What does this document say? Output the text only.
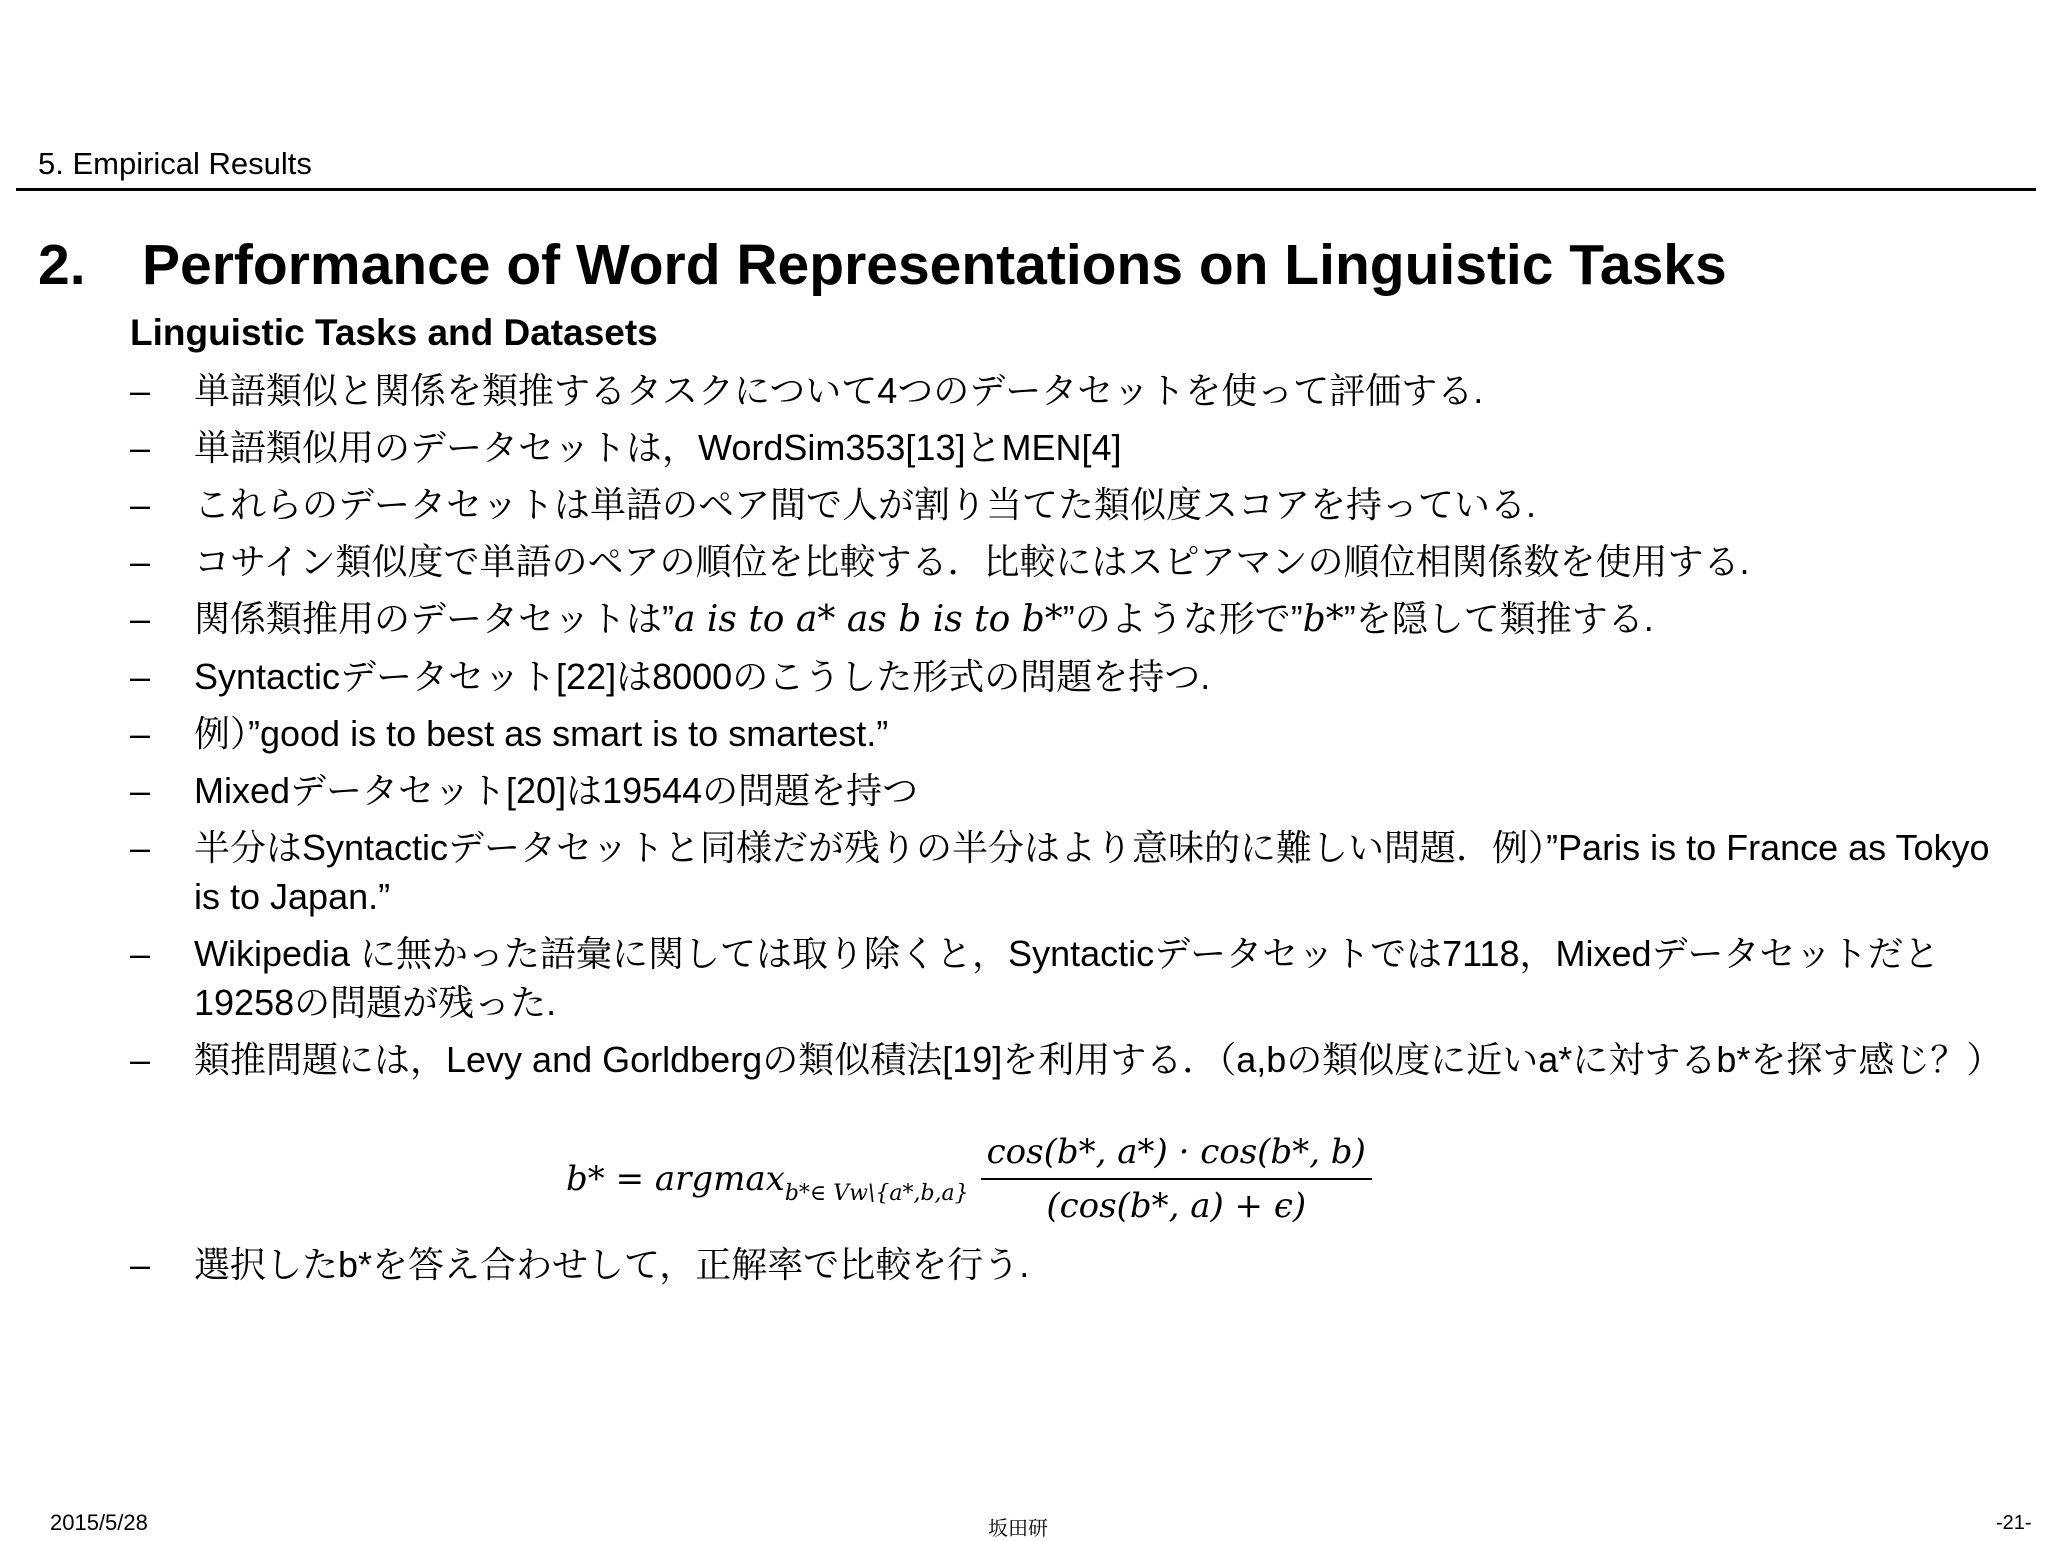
5. Empirical Results
2. Performance of Word Representations on Linguistic Tasks
Linguistic Tasks and Datasets
– 単語類似と関係を類推するタスクについて4つのデータセットを使って評価する.
– 単語類似用のデータセットは，WordSim353[13]とMEN[4]
– これらのデータセットは単語のペア間で人が割り当てた類似度スコアを持っている.
– コサイン類似度で単語のペアの順位を比較する．比較にはスピアマンの順位相関係数を使用する.
– 関係類推用のデータセットは”a is to a* as b is to b*”のような形で”b*”を隠して類推する.
– Syntacticデータセット[22]は8000のこうした形式の問題を持つ.
– 例）”good is to best as smart is to smartest.”
– Mixedデータセット[20]は19544の問題を持つ
– 半分はSyntacticデータセットと同様だが残りの半分はより意味的に難しい問題．例）”Paris is to France as Tokyo is to Japan.”
– Wikipedia に無かった語彙に関しては取り除くと，Syntacticデータセットでは7118，Mixedデータセットだと19258の問題が残った.
– 類推問題には，Levy and Gorldbergの類似積法[19]を利用する．（a,bの類似度に近いa*に対するb*を探す感じ？）
b* = argmax b*∈ Vw\{a*,b,a} $\frac{\cos(b*, a*) \cdot \cos(b*, b)}{(\cos(b*, a) + \epsilon)}$
– 選択したb*を答え合わせして，正解率で比較を行う.
2015/5/28	坂田研	-21-
